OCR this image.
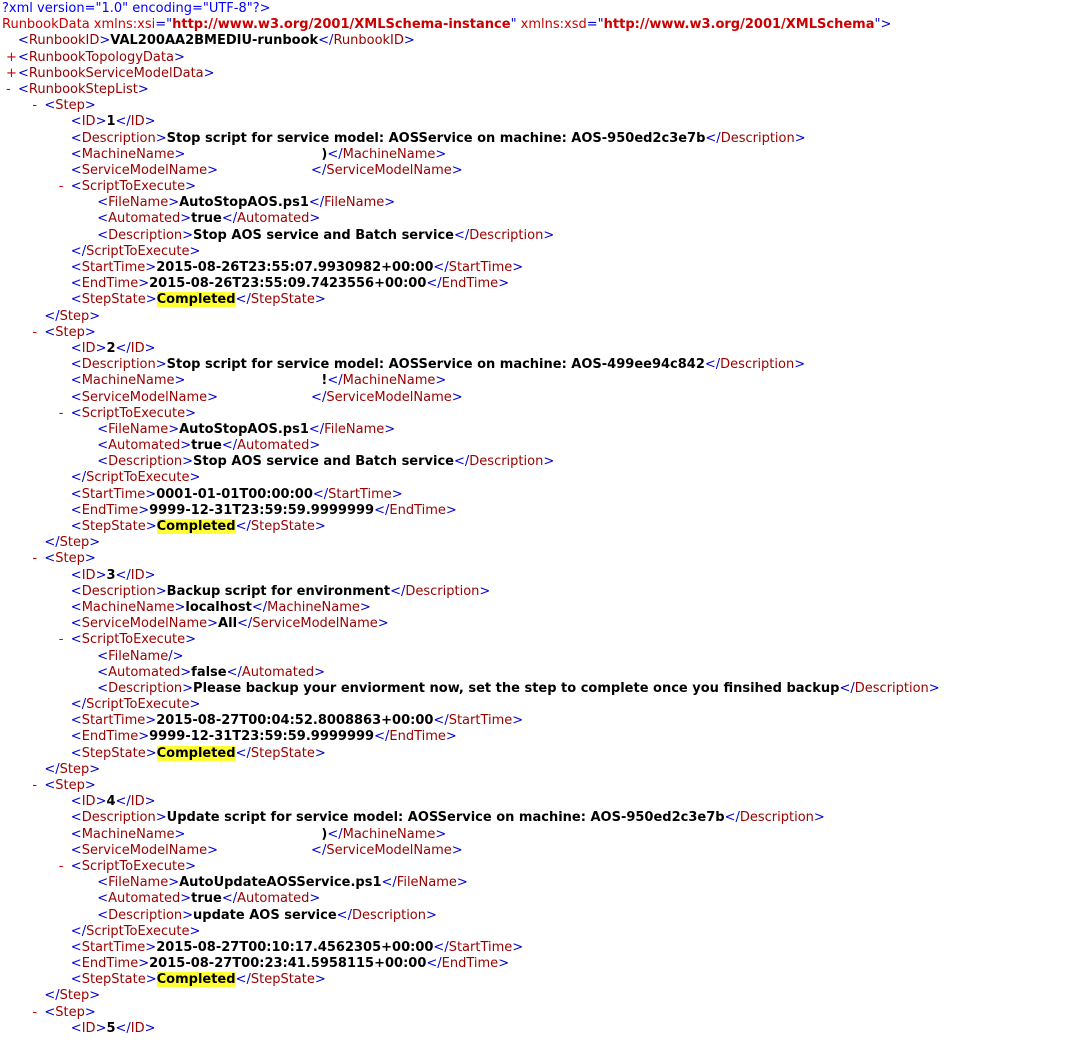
?xml version="1.0" encoding="UTF-8"?>
RunbookData xmlns:xsi="http://www.w3.org/2001/XMLSchema-instance" xmlns:xsd="http://www.w3.org/2001/XMLSchema">
<RunbookID>VAL200AA2BMEDIU-runbook</RunbookID>
+<RunbookTopologyData>
+<RunbookServiceModelData>
- <RunbookStepList>
- <Step>
<ID>1</ID>
<Description>Stop script for service model: AOSService on machine: AOS-950ed2c3e7b</Description>
<MachineName>	)</MachineName>
<ServiceModelName>	</ServiceModelName>
- <ScriptToExecute>
<FileName>AutoStopAOS.ps1</FileName>
<Automated>true</Automated>
<Description>Stop AOS service and Batch service</Description>
</ScriptToExecute>
<StartTime>2015-08-26T23:55:07.9930982+00:00</StartTime>
<EndTime>2015-08-26T23:55:09.7423556+00:00</EndTime>
<StepState>Completed</StepState>
</Step>
- <Step>
<ID>2</ID>
<Description>Stop script for service model: AOSService on machine: AOS-499ee94c842</Description>
<MachineName>	!</MachineName>
<ServiceModelName>	</ServiceModelName>
- <ScriptToExecute>
<FileName>AutoStopAOS.ps1</FileName>
<Automated>true</Automated>
<Description>Stop AOS service and Batch service</Description>
</ScriptToExecute>
<StartTime>0001-01-01T00:00:00</StartTime>
<EndTime>9999-12-31T23:59:59.9999999</EndTime>
<StepState>Completed</StepState>
</Step>
- <Step>
<ID>3</ID>
<Description>Backup script for environment</Description>
<MachineName>localhost</MachineName>
<ServiceModelName>All</ServiceModelName>
- <ScriptToExecute>
<FileName/>
<Automated>false</Automated>
<Description>Please backup your enviorment now, set the step to complete once you finsihed backup</Description>
</ScriptToExecute>
<StartTime>2015-08-27T00:04:52.8008863+00:00</StartTime>
<EndTime>9999-12-31T23:59:59.9999999</EndTime>
<StepState>Completed</StepState>
</Step>
- <Step>
<ID>4</ID>
<Description>Update script for service model: AOSService on machine: AOS-950ed2c3e7b</Description>
<MachineName>	)</MachineName>
<ServiceModelName>	</ServiceModelName>
- <ScriptToExecute>
<FileName>AutoUpdateAOSService.ps1</FileName>
<Automated>true</Automated>
<Description>update AOS service</Description>
</ScriptToExecute>
<StartTime>2015-08-27T00:10:17.4562305+00:00</StartTime>
<EndTime>2015-08-27T00:23:41.5958115+00:00</EndTime>
<StepState>Completed</StepState>
</Step>
- <Step>
<ID>5</ID>
